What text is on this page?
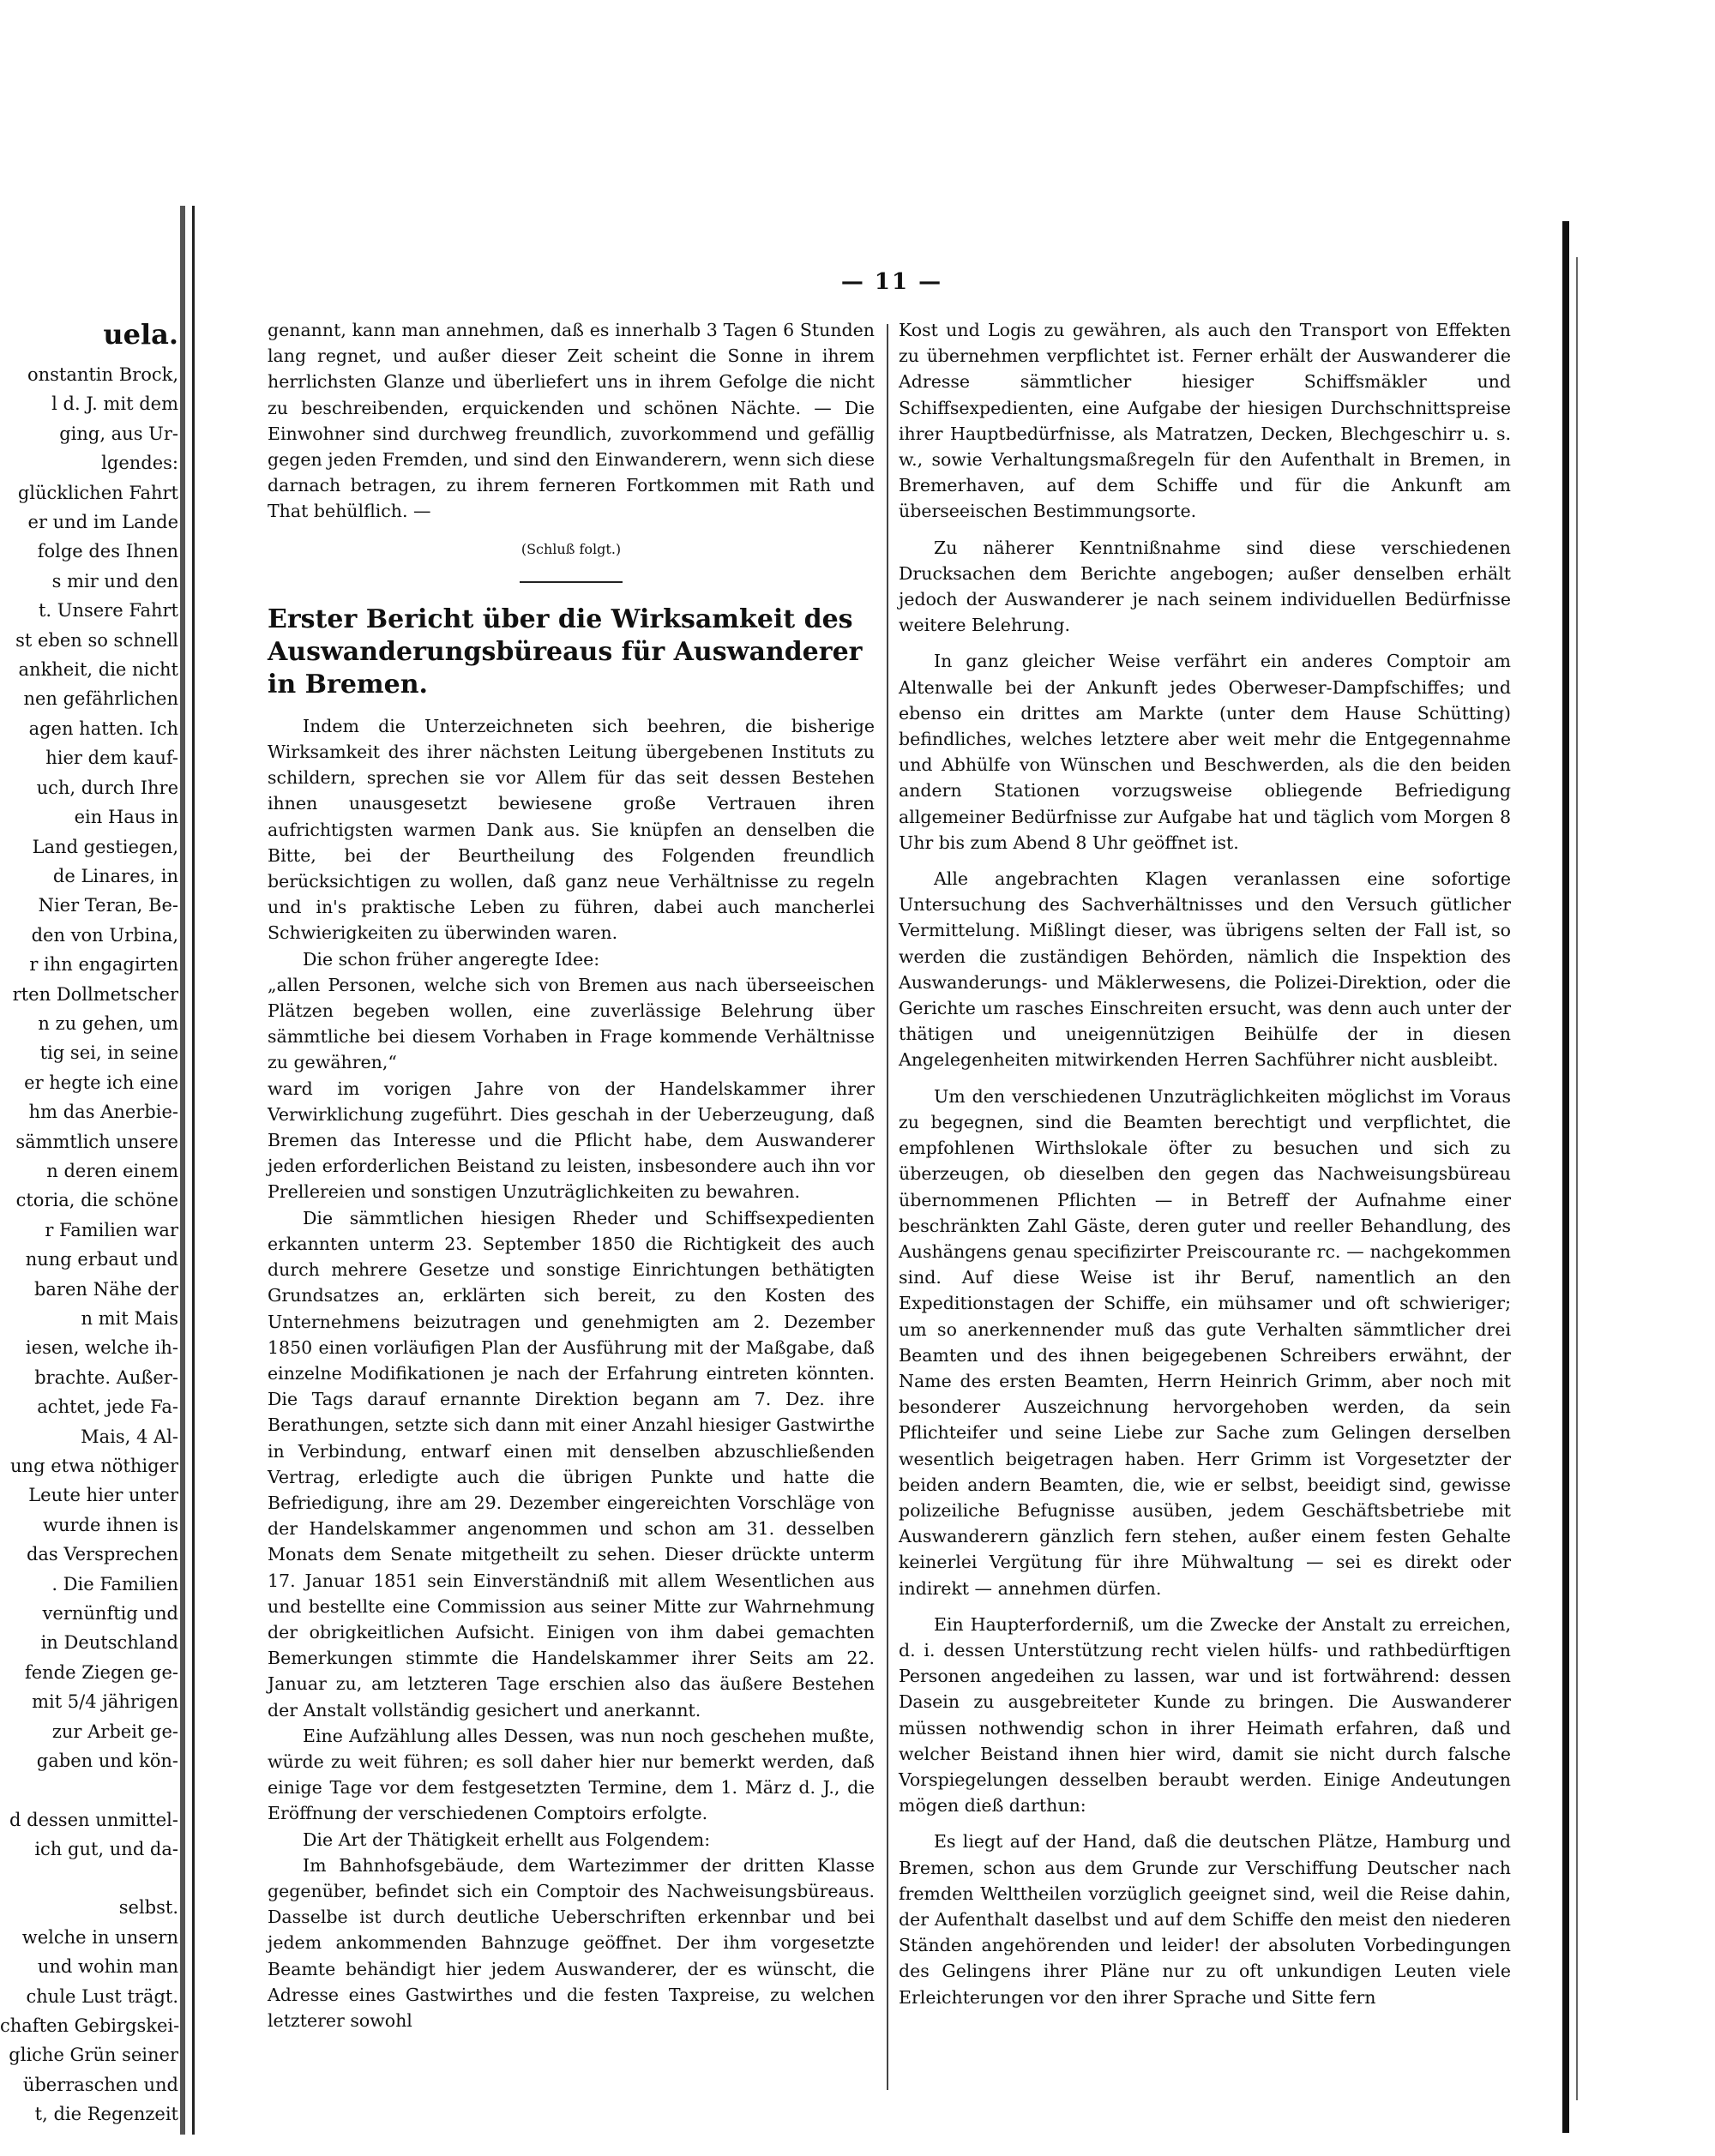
uela.
onstantin Brock,
l d. J. mit dem
ging, aus Ur-
lgendes:
glücklichen Fahrt
er und im Lande
folge des Ihnen
s mir und den
t. Unsere Fahrt
st eben so schnell
ankheit, die nicht
nen gefährlichen
agen hatten. Ich
hier dem kauf-
uch, durch Ihre
ein Haus in
Land gestiegen,
de Linares, in
Nier Teran, Be-
den von Urbina,
r ihn engagirten
rten Dollmetscher
n zu gehen, um
tig sei, in seine
er hegte ich eine
hm das Anerbie-
sämmtlich unsere
n deren einem
ctoria, die schöne
r Familien war
nung erbaut und
baren Nähe der
n mit Mais
iesen, welche ih-
brachte. Außer-
achtet, jede Fa-
Mais, 4 Al-
ung etwa nöthiger
Leute hier unter
wurde ihnen is
das Versprechen
. Die Familien
vernünftig und
in Deutschland
fende Ziegen ge-
mit 5/4 jährigen
zur Arbeit ge-
gaben und kön-
d dessen unmittel-
ich gut, und da-
selbst.
welche in unsern
und wohin man
chule Lust trägt.
chaften Gebirgskei-
gliche Grün seiner
überraschen und
t, die Regenzeit
— 11 —

genannt, kann man annehmen, daß es innerhalb 3 Tagen 6 Stunden lang regnet, und außer dieser Zeit scheint die Sonne in ihrem herrlichsten Glanze und überliefert uns in ihrem Gefolge die nicht zu beschreibenden, erquickenden und schönen Nächte. — Die Einwohner sind durchweg freundlich, zuvorkommend und gefällig gegen jeden Fremden, und sind den Einwanderern, wenn sich diese darnach betragen, zu ihrem ferneren Fortkommen mit Rath und That behülflich. —

(Schluß folgt.)
Erster Bericht über die Wirksamkeit des Auswanderungsbüreaus für Auswanderer in Bremen.

Indem die Unterzeichneten sich beehren, die bisherige Wirksamkeit des ihrer nächsten Leitung übergebenen Instituts zu schildern, sprechen sie vor Allem für das seit dessen Bestehen ihnen unausgesetzt bewiesene große Vertrauen ihren aufrichtigsten warmen Dank aus. Sie knüpfen an denselben die Bitte, bei der Beurtheilung des Folgenden freundlich berücksichtigen zu wollen, daß ganz neue Verhältnisse zu regeln und in's praktische Leben zu führen, dabei auch mancherlei Schwierigkeiten zu überwinden waren.

Die schon früher angeregte Idee:

„allen Personen, welche sich von Bremen aus nach überseeischen Plätzen begeben wollen, eine zuverlässige Belehrung über sämmtliche bei diesem Vorhaben in Frage kommende Verhältnisse zu gewähren,“

ward im vorigen Jahre von der Handelskammer ihrer Verwirklichung zugeführt. Dies geschah in der Ueberzeugung, daß Bremen das Interesse und die Pflicht habe, dem Auswanderer jeden erforderlichen Beistand zu leisten, insbesondere auch ihn vor Prellereien und sonstigen Unzuträglichkeiten zu bewahren.

Die sämmtlichen hiesigen Rheder und Schiffsexpedienten erkannten unterm 23. September 1850 die Richtigkeit des auch durch mehrere Gesetze und sonstige Einrichtungen bethätigten Grundsatzes an, erklärten sich bereit, zu den Kosten des Unternehmens beizutragen und genehmigten am 2. Dezember 1850 einen vorläufigen Plan der Ausführung mit der Maßgabe, daß einzelne Modifikationen je nach der Erfahrung eintreten könnten. Die Tags darauf ernannte Direktion begann am 7. Dez. ihre Berathungen, setzte sich dann mit einer Anzahl hiesiger Gastwirthe in Verbindung, entwarf einen mit denselben abzuschließenden Vertrag, erledigte auch die übrigen Punkte und hatte die Befriedigung, ihre am 29. Dezember eingereichten Vorschläge von der Handelskammer angenommen und schon am 31. desselben Monats dem Senate mitgetheilt zu sehen. Dieser drückte unterm 17. Januar 1851 sein Einverständniß mit allem Wesentlichen aus und bestellte eine Commission aus seiner Mitte zur Wahrnehmung der obrigkeitlichen Aufsicht. Einigen von ihm dabei gemachten Bemerkungen stimmte die Handelskammer ihrer Seits am 22. Januar zu, am letzteren Tage erschien also das äußere Bestehen der Anstalt vollständig gesichert und anerkannt.

Eine Aufzählung alles Dessen, was nun noch geschehen mußte, würde zu weit führen; es soll daher hier nur bemerkt werden, daß einige Tage vor dem festgesetzten Termine, dem 1. März d. J., die Eröffnung der verschiedenen Comptoirs erfolgte.

Die Art der Thätigkeit erhellt aus Folgendem:

Im Bahnhofsgebäude, dem Wartezimmer der dritten Klasse gegenüber, befindet sich ein Comptoir des Nachweisungsbüreaus. Dasselbe ist durch deutliche Ueberschriften erkennbar und bei jedem ankommenden Bahnzuge geöffnet. Der ihm vorgesetzte Beamte behändigt hier jedem Auswanderer, der es wünscht, die Adresse eines Gastwirthes und die festen Taxpreise, zu welchen letzterer sowohl

Kost und Logis zu gewähren, als auch den Transport von Effekten zu übernehmen verpflichtet ist. Ferner erhält der Auswanderer die Adresse sämmtlicher hiesiger Schiffsmäkler und Schiffsexpedienten, eine Aufgabe der hiesigen Durchschnittspreise ihrer Hauptbedürfnisse, als Matratzen, Decken, Blechgeschirr u. s. w., sowie Verhaltungsmaßregeln für den Aufenthalt in Bremen, in Bremerhaven, auf dem Schiffe und für die Ankunft am überseeischen Bestimmungsorte.

Zu näherer Kenntnißnahme sind diese verschiedenen Drucksachen dem Berichte angebogen; außer denselben erhält jedoch der Auswanderer je nach seinem individuellen Bedürfnisse weitere Belehrung.

In ganz gleicher Weise verfährt ein anderes Comptoir am Altenwalle bei der Ankunft jedes Oberweser-Dampfschiffes; und ebenso ein drittes am Markte (unter dem Hause Schütting) befindliches, welches letztere aber weit mehr die Entgegennahme und Abhülfe von Wünschen und Beschwerden, als die den beiden andern Stationen vorzugsweise obliegende Befriedigung allgemeiner Bedürfnisse zur Aufgabe hat und täglich vom Morgen 8 Uhr bis zum Abend 8 Uhr geöffnet ist.

Alle angebrachten Klagen veranlassen eine sofortige Untersuchung des Sachverhältnisses und den Versuch gütlicher Vermittelung. Mißlingt dieser, was übrigens selten der Fall ist, so werden die zuständigen Behörden, nämlich die Inspektion des Auswanderungs- und Mäklerwesens, die Polizei-Direktion, oder die Gerichte um rasches Einschreiten ersucht, was denn auch unter der thätigen und uneigennützigen Beihülfe der in diesen Angelegenheiten mitwirkenden Herren Sachführer nicht ausbleibt.

Um den verschiedenen Unzuträglichkeiten möglichst im Voraus zu begegnen, sind die Beamten berechtigt und verpflichtet, die empfohlenen Wirthslokale öfter zu besuchen und sich zu überzeugen, ob dieselben den gegen das Nachweisungsbüreau übernommenen Pflichten — in Betreff der Aufnahme einer beschränkten Zahl Gäste, deren guter und reeller Behandlung, des Aushängens genau specifizirter Preiscourante rc. — nachgekommen sind. Auf diese Weise ist ihr Beruf, namentlich an den Expeditionstagen der Schiffe, ein mühsamer und oft schwieriger; um so anerkennender muß das gute Verhalten sämmtlicher drei Beamten und des ihnen beigegebenen Schreibers erwähnt, der Name des ersten Beamten, Herrn Heinrich Grimm, aber noch mit besonderer Auszeichnung hervorgehoben werden, da sein Pflichteifer und seine Liebe zur Sache zum Gelingen derselben wesentlich beigetragen haben. Herr Grimm ist Vorgesetzter der beiden andern Beamten, die, wie er selbst, beeidigt sind, gewisse polizeiliche Befugnisse ausüben, jedem Geschäftsbetriebe mit Auswanderern gänzlich fern stehen, außer einem festen Gehalte keinerlei Vergütung für ihre Mühwaltung — sei es direkt oder indirekt — annehmen dürfen.

Ein Haupterforderniß, um die Zwecke der Anstalt zu erreichen, d. i. dessen Unterstützung recht vielen hülfs- und rathbedürftigen Personen angedeihen zu lassen, war und ist fortwährend: dessen Dasein zu ausgebreiteter Kunde zu bringen. Die Auswanderer müssen nothwendig schon in ihrer Heimath erfahren, daß und welcher Beistand ihnen hier wird, damit sie nicht durch falsche Vorspiegelungen desselben beraubt werden. Einige Andeutungen mögen dieß darthun:

Es liegt auf der Hand, daß die deutschen Plätze, Hamburg und Bremen, schon aus dem Grunde zur Verschiffung Deutscher nach fremden Welttheilen vorzüglich geeignet sind, weil die Reise dahin, der Aufenthalt daselbst und auf dem Schiffe den meist den niederen Ständen angehörenden und leider! der absoluten Vorbedingungen des Gelingens ihrer Pläne nur zu oft unkundigen Leuten viele Erleichterungen vor den ihrer Sprache und Sitte fern
